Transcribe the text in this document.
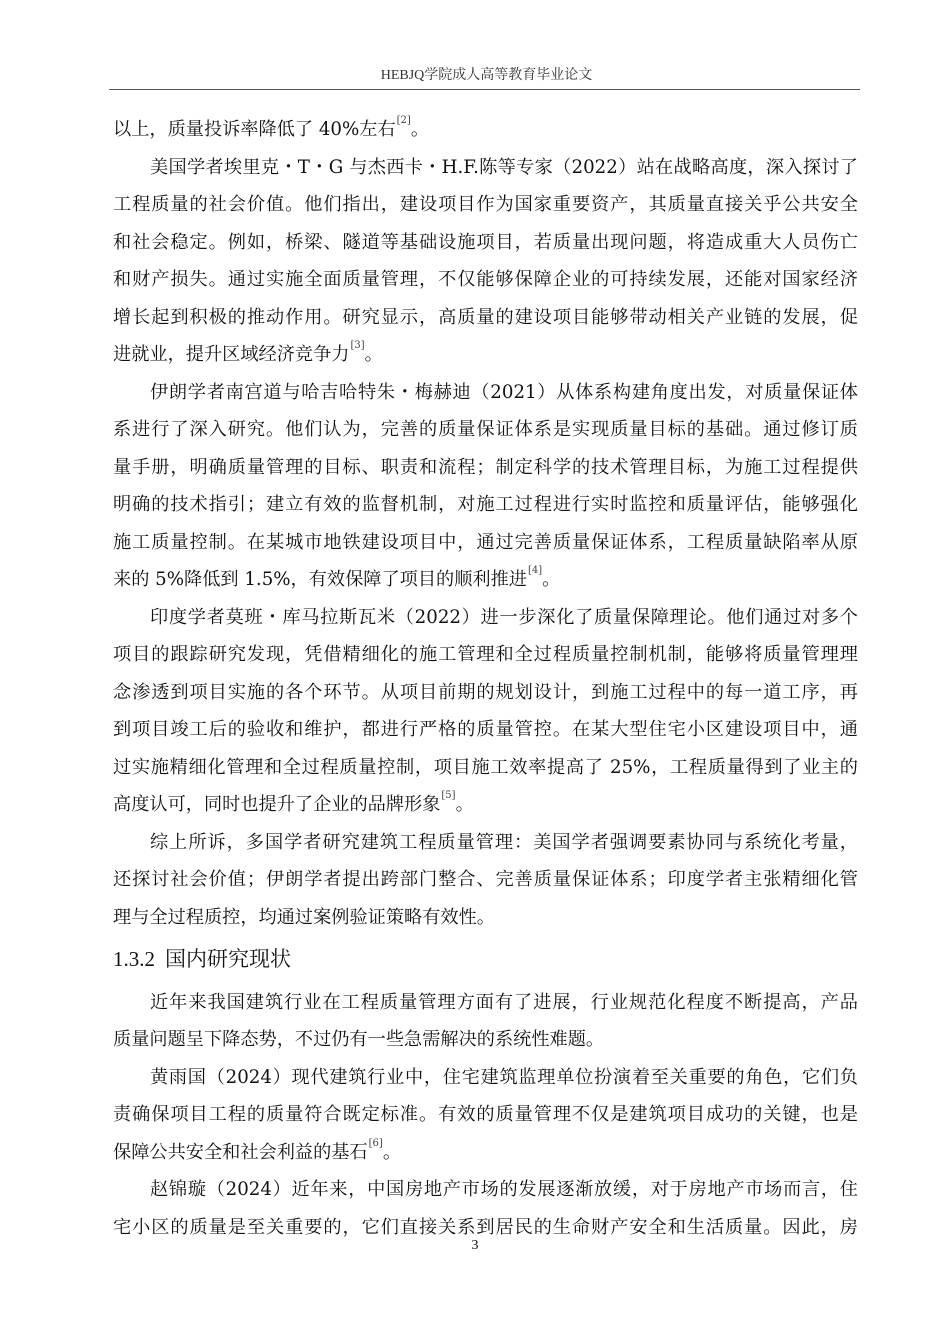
HEBJQ学院成人高等教育毕业论文
以上，质量投诉率降低了 40%左右[2]。
美国学者埃里克・T・G 与杰西卡・H.F.陈等专家（2022）站在战略高度，深入探讨了
工程质量的社会价值。他们指出，建设项目作为国家重要资产，其质量直接关乎公共安全
和社会稳定。例如，桥梁、隧道等基础设施项目，若质量出现问题，将造成重大人员伤亡
和财产损失。通过实施全面质量管理，不仅能够保障企业的可持续发展，还能对国家经济
增长起到积极的推动作用。研究显示，高质量的建设项目能够带动相关产业链的发展，促
进就业，提升区域经济竞争力[3]。
伊朗学者南宫道与哈吉哈特朱・梅赫迪（2021）从体系构建角度出发，对质量保证体
系进行了深入研究。他们认为，完善的质量保证体系是实现质量目标的基础。通过修订质
量手册，明确质量管理的目标、职责和流程；制定科学的技术管理目标，为施工过程提供
明确的技术指引；建立有效的监督机制，对施工过程进行实时监控和质量评估，能够强化
施工质量控制。在某城市地铁建设项目中，通过完善质量保证体系，工程质量缺陷率从原
来的 5%降低到 1.5%，有效保障了项目的顺利推进[4]。
印度学者莫班・库马拉斯瓦米（2022）进一步深化了质量保障理论。他们通过对多个
项目的跟踪研究发现，凭借精细化的施工管理和全过程质量控制机制，能够将质量管理理
念渗透到项目实施的各个环节。从项目前期的规划设计，到施工过程中的每一道工序，再
到项目竣工后的验收和维护，都进行严格的质量管控。在某大型住宅小区建设项目中，通
过实施精细化管理和全过程质量控制，项目施工效率提高了 25%，工程质量得到了业主的
高度认可，同时也提升了企业的品牌形象[5]。
综上所诉，多国学者研究建筑工程质量管理：美国学者强调要素协同与系统化考量，
还探讨社会价值；伊朗学者提出跨部门整合、完善质量保证体系；印度学者主张精细化管
理与全过程质控，均通过案例验证策略有效性。
1.3.2 国内研究现状
近年来我国建筑行业在工程质量管理方面有了进展，行业规范化程度不断提高，产品
质量问题呈下降态势，不过仍有一些急需解决的系统性难题。
黄雨国（2024）现代建筑行业中，住宅建筑监理单位扮演着至关重要的角色，它们负
责确保项目工程的质量符合既定标准。有效的质量管理不仅是建筑项目成功的关键，也是
保障公共安全和社会利益的基石[6]。
赵锦璇（2024）近年来，中国房地产市场的发展逐渐放缓，对于房地产市场而言，住
宅小区的质量是至关重要的，它们直接关系到居民的生命财产安全和生活质量。因此，房
3
